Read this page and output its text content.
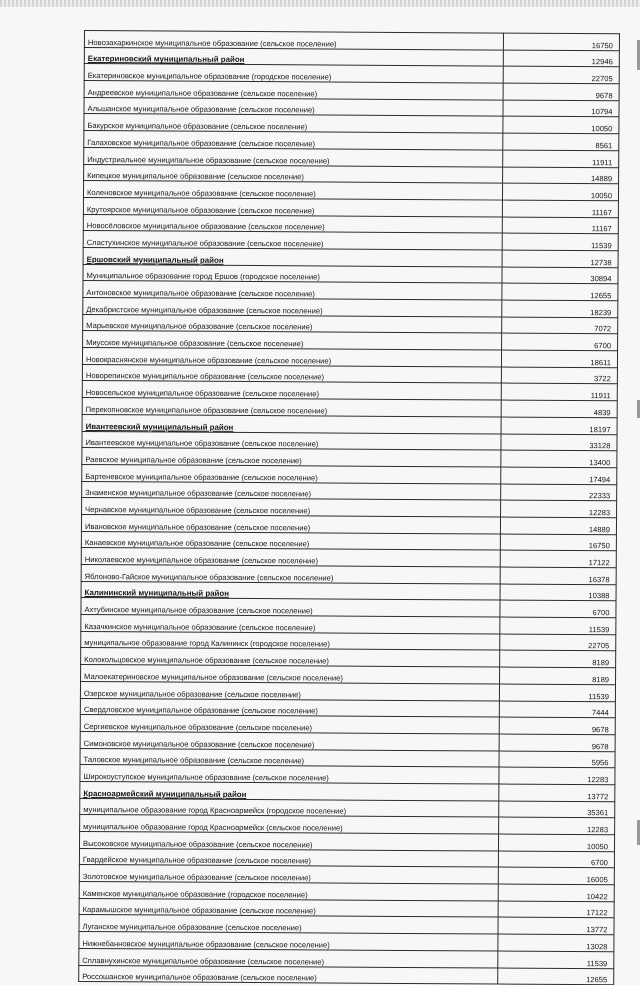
Новозахаркинское муниципальное образование (сельское поселение)	16750
Екатериновский муниципальный район	12946
Екатериновское муниципальное образование (городское поселение)	22705
Андреевское муниципальное образование (сельское поселение)	9678
Альшанское муниципальное образование (сельское поселение)	10794
Бакурское муниципальное образование (сельское поселение)	10050
Галаховское муниципальное образование (сельское поселение)	8561
Индустриальное муниципальное образование (сельское поселение)	11911
Кипецкое муниципальное образование (сельское поселение)	14889
Коленовское муниципальное образование (сельское поселение)	10050
Крутоярское муниципальное образование (сельское поселение)	11167
Новосёловское муниципальное образование (сельское поселение)	11167
Сластухинское муниципальное образование (сельское поселение)	11539
Ершовский муниципальный район	12738
Муниципальное образование город Ершов (городское поселение)	30894
Антоновское муниципальное образование (сельское поселение)	12655
Декабристское муниципальное образование (сельское поселение)	18239
Марьевское муниципальное образование (сельское поселение)	7072
Миусское муниципальное образование (сельское поселение)	6700
Новокраснянское муниципальное образование (сельское поселение)	18611
Новорепинское муниципальное образование (сельское поселение)	3722
Новосельское муниципальное образование (сельское поселение)	11911
Перекопновское муниципальное образование (сельское поселение)	4839
Ивантеевский муниципальный район	18197
Ивантеевское муниципальное образование (сельское поселение)	33128
Раевское муниципальное образование (сельское поселение)	13400
Бартеневское муниципальное образование (сельское поселение)	17494
Знаменское муниципальное образование (сельское поселение)	22333
Чернавское муниципальное образование (сельское поселение)	12283
Ивановское муниципальное образование (сельское поселение)	14889
Канаевское муниципальное образование (сельское поселение)	16750
Николаевское муниципальное образование (сельское поселение)	17122
Яблоново-Гайское муниципальное образование (сельское поселение)	16378
Калининский муниципальный район	10388
Ахтубинское муниципальное образование (сельское поселение)	6700
Казачкинское муниципальное образование (сельское поселение)	11539
муниципальное образование город Калининск (городское поселение)	22705
Колокольцовское муниципальное образование (сельское поселение)	8189
Малоекатериновское муниципальное образование (сельское поселение)	8189
Озерское муниципальное образование (сельское поселение)	11539
Свердловское муниципальное образование (сельское поселение)	7444
Сергиевское муниципальное образование (сельское поселение)	9678
Симоновское муниципальное образование (сельское поселение)	9678
Таловское муниципальное образование (сельское поселение)	5956
Широкоуступское муниципальное образование (сельское поселение)	12283
Красноармейский муниципальный район	13772
муниципальное образование город Красноармейск (городское поселение)	35361
муниципальное образование город Красноармейск (сельское поселение)	12283
Высоковское муниципальное образование (сельское поселение)	10050
Гвардейское муниципальное образование (сельское поселение)	6700
Золотовское муниципальное образование (сельское поселение)	16005
Каменское муниципальное образование (городское поселение)	10422
Карамышское муниципальное образование (сельское поселение)	17122
Луганское муниципальное образование (сельское поселение)	13772
Нижнебанновское муниципальное образование (сельское поселение)	13028
Сплавнухинское муниципальное образование (сельское поселение)	11539
Россошанское муниципальное образование (сельское поселение)	12655
